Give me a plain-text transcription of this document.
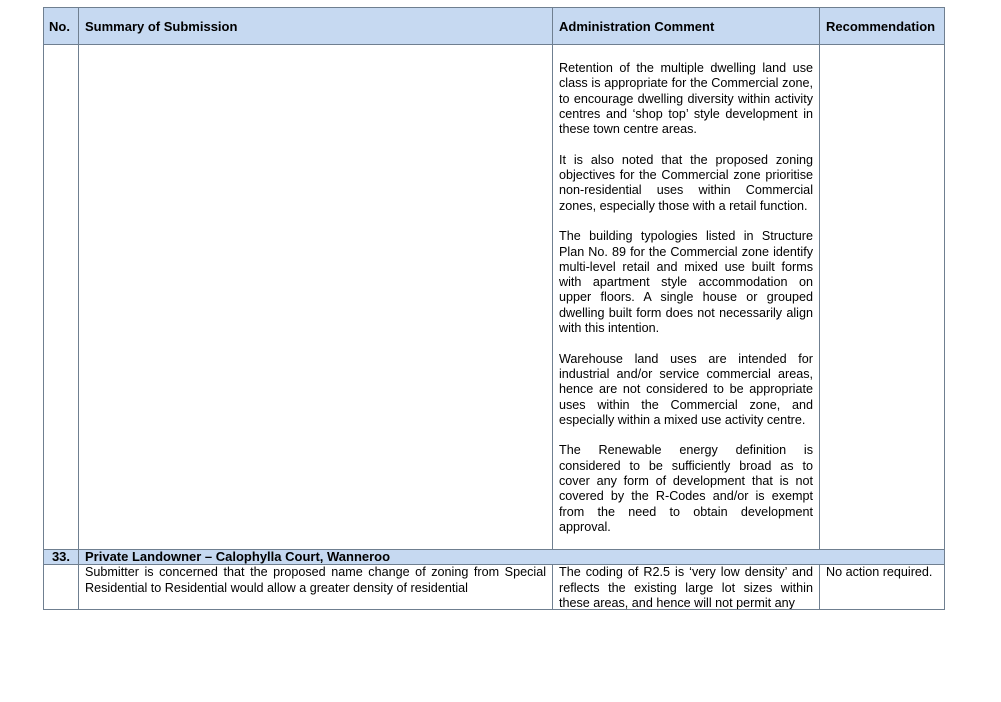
No.	Summary of Submission	Administration Comment	Recommendation

		Retention of the multiple dwelling land use class is appropriate for the Commercial zone, to encourage dwelling diversity within activity centres and ‘shop top’ style development in these town centre areas.

It is also noted that the proposed zoning objectives for the Commercial zone prioritise non-residential uses within Commercial zones, especially those with a retail function.

The building typologies listed in Structure Plan No. 89 for the Commercial zone identify multi-level retail and mixed use built forms with apartment style accommodation on upper floors. A single house or grouped dwelling built form does not necessarily align with this intention.

Warehouse land uses are intended for industrial and/or service commercial areas, hence are not considered to be appropriate uses within the Commercial zone, and especially within a mixed use activity centre.

The Renewable energy definition is considered to be sufficiently broad as to cover any form of development that is not covered by the R-Codes and/or is exempt from the need to obtain development approval.	

33.	Private Landowner – Calophylla Court, Wanneroo		

	Submitter is concerned that the proposed name change of zoning from Special Residential to Residential would allow a greater density of residential	The coding of R2.5 is ‘very low density’ and reflects the existing large lot sizes within these areas, and hence will not permit any	No action required.
